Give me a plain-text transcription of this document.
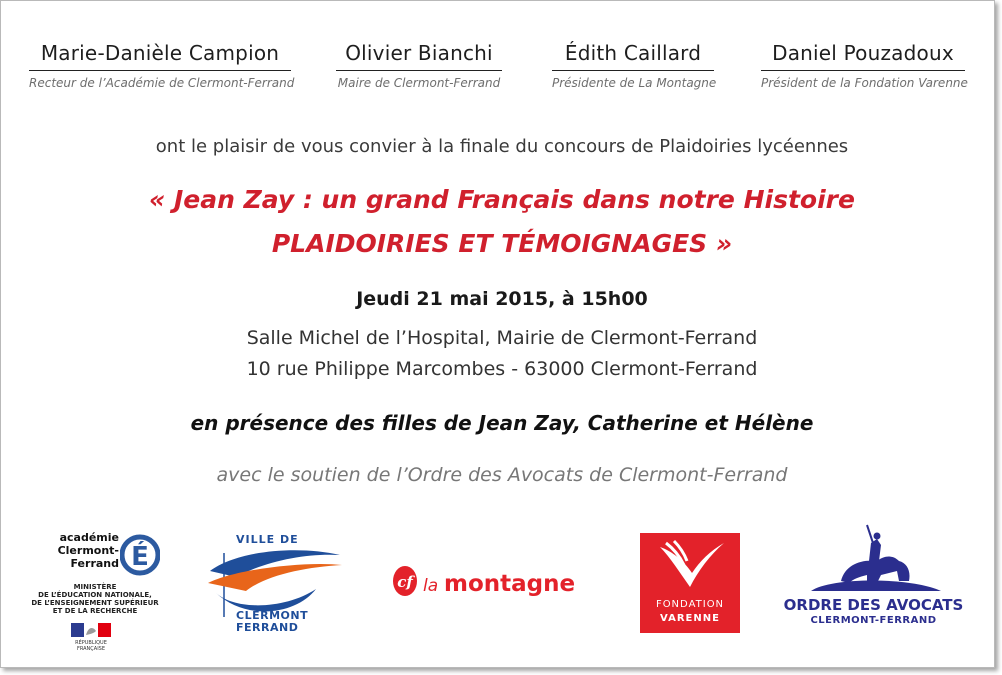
Marie-Danièle Campion
Recteur de l’Académie de Clermont-Ferrand
Olivier Bianchi
Maire de Clermont-Ferrand
Édith Caillard
Présidente de La Montagne
Daniel Pouzadoux
Président de la Fondation Varenne
ont le plaisir de vous convier à la finale du concours de Plaidoiries lycéennes
« Jean Zay : un grand Français dans notre Histoire
PLAIDOIRIES ET TÉMOIGNAGES »
Jeudi 21 mai 2015, à 15h00
Salle Michel de l’Hospital, Mairie de Clermont-Ferrand
10 rue Philippe Marcombes - 63000 Clermont-Ferrand
en présence des filles de Jean Zay, Catherine et Hélène
avec le soutien de l’Ordre des Avocats de Clermont-Ferrand
académie
Clermont-Ferrand É
MINISTÈRE
DE L’ÉDUCATION NATIONALE,
DE L’ENSEIGNEMENT SUPÉRIEUR
ET DE LA RECHERCHE
RÉPUBLIQUE FRANÇAISE
VILLE DE
CLERMONT
FERRAND
cf la montagne
FONDATION
VARENNE
ORDRE DES AVOCATS
CLERMONT-FERRAND
